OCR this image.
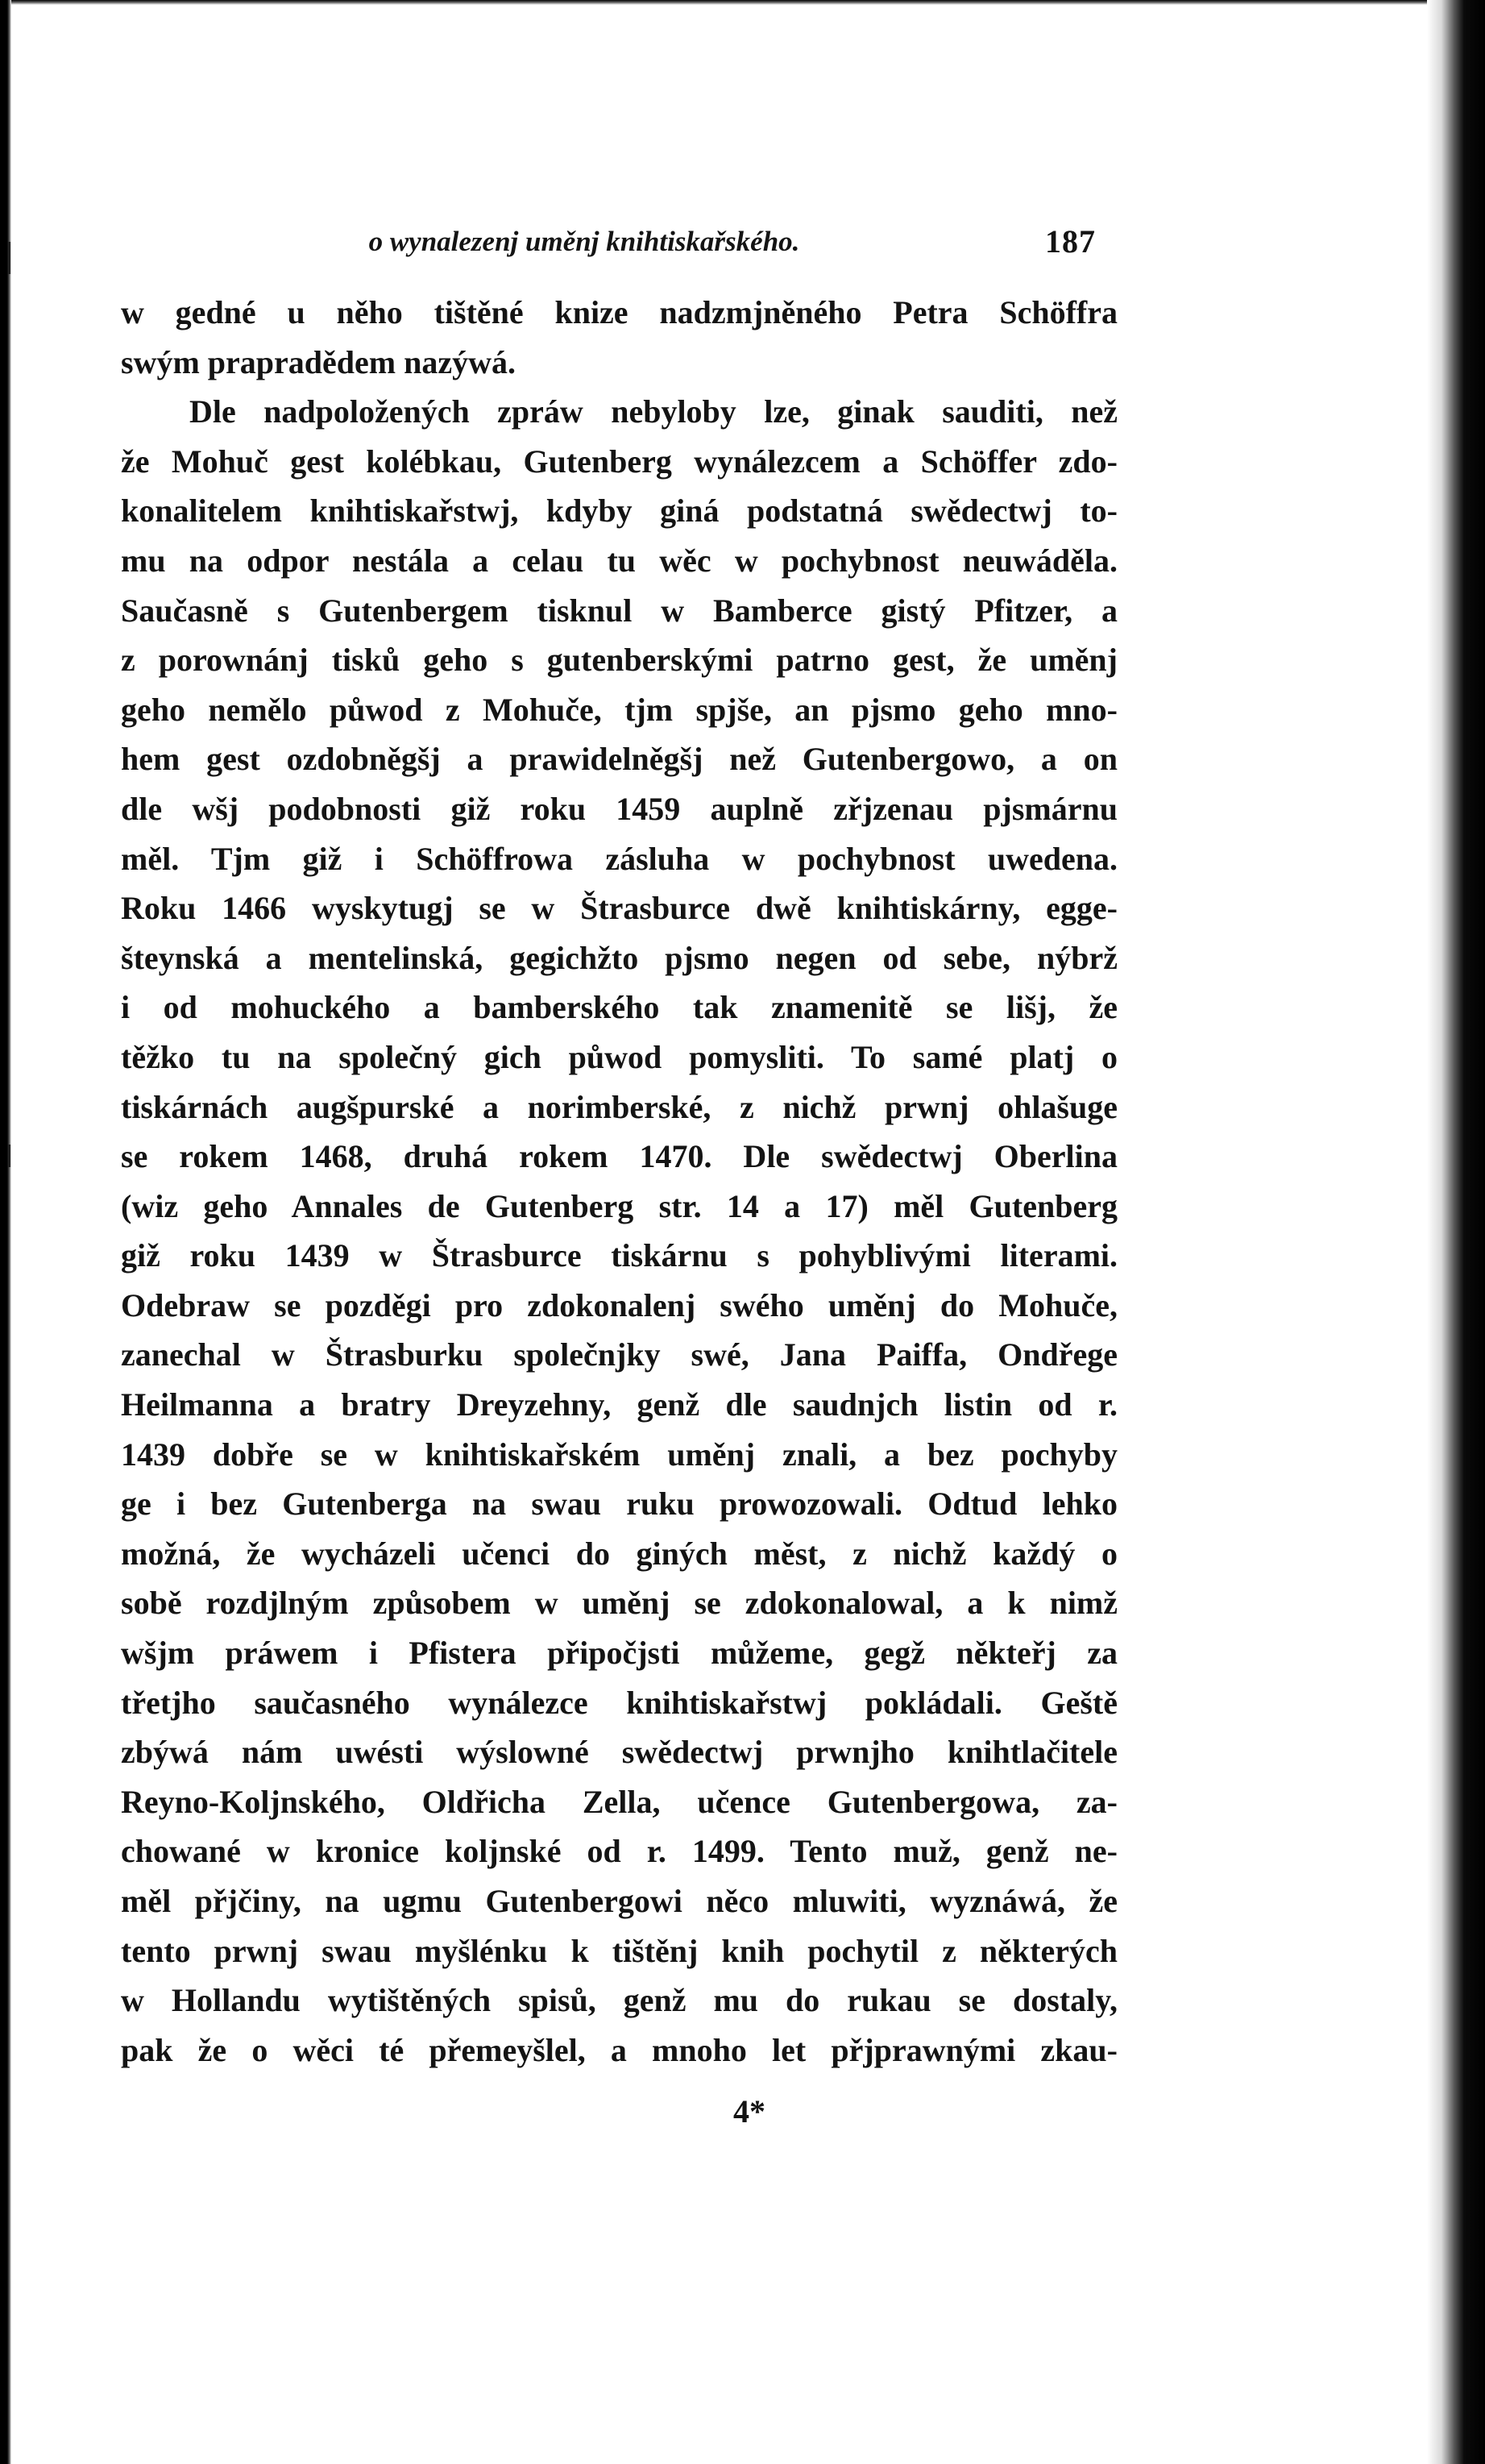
o wynalezenj uměnj knihtiskařského.	187
w gedné u něho tištěné knize nadzmjněného Petra Schöffra
swým prapradědem nazýwá.
Dle nadpoložených zpráw nebyloby lze, ginak sauditi, než
že Mohuč gest kolébkau, Gutenberg wynálezcem a Schöffer zdo-
konalitelem knihtiskařstwj, kdyby giná podstatná swědectwj to-
mu na odpor nestála a celau tu wěc w pochybnost neuwáděla.
Saučasně s Gutenbergem tisknul w Bamberce gistý Pfitzer, a
z porownánj tisků geho s gutenberskými patrno gest, že uměnj
geho nemělo půwod z Mohuče, tjm spjše, an pjsmo geho mno-
hem gest ozdobněgšj a prawidelněgšj než Gutenbergowo, a on
dle wšj podobnosti giž roku 1459 auplně zřjzenau pjsmárnu
měl. Tjm giž i Schöffrowa zásluha w pochybnost uwedena.
Roku 1466 wyskytugj se w Štrasburce dwě knihtiskárny, egge-
šteynská a mentelinská, gegichžto pjsmo negen od sebe, nýbrž
i od mohuckého a bamberského tak znamenitě se lišj, že
těžko tu na společný gich půwod pomysliti. To samé platj o
tiskárnách augšpurské a norimberské, z nichž prwnj ohlašuge
se rokem 1468, druhá rokem 1470. Dle swědectwj Oberlina
(wiz geho Annales de Gutenberg str. 14 a 17) měl Gutenberg
giž roku 1439 w Štrasburce tiskárnu s pohyblivými literami.
Odebraw se pozděgi pro zdokonalenj swého uměnj do Mohuče,
zanechal w Štrasburku společnjky swé, Jana Paiffa, Ondřege
Heilmanna a bratry Dreyzehny, genž dle saudnjch listin od r.
1439 dobře se w knihtiskařském uměnj znali, a bez pochyby
ge i bez Gutenberga na swau ruku prowozowali. Odtud lehko
možná, že wycházeli učenci do giných měst, z nichž každý o
sobě rozdjlným způsobem w uměnj se zdokonalowal, a k nimž
wšjm práwem i Pfistera připočjsti můžeme, gegž někteřj za
třetjho saučasného wynálezce knihtiskařstwj pokládali. Geště
zbýwá nám uwésti wýslowné swědectwj prwnjho knihtlačitele
Reyno-Koljnského, Oldřicha Zella, učence Gutenbergowa, za-
chowané w kronice koljnské od r. 1499. Tento muž, genž ne-
měl přjčiny, na ugmu Gutenbergowi něco mluwiti, wyznáwá, že
tento prwnj swau myšlénku k tištěnj knih pochytil z některých
w Hollandu wytištěných spisů, genž mu do rukau se dostaly,
pak že o wěci té přemeyšlel, a mnoho let přjprawnými zkau-
4*
